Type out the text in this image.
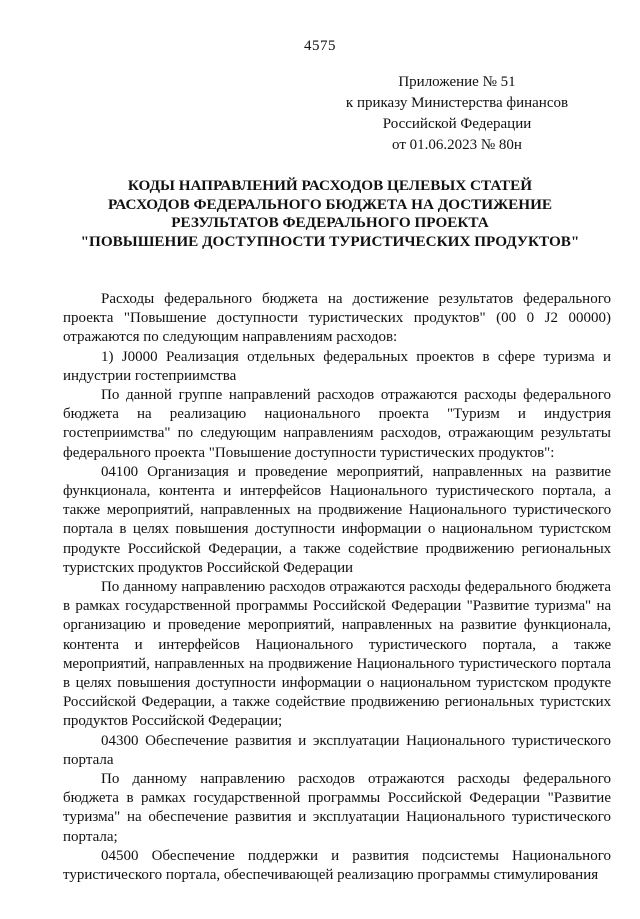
4575
Приложение № 51
к приказу Министерства финансов
Российской Федерации
от 01.06.2023 № 80н
КОДЫ НАПРАВЛЕНИЙ РАСХОДОВ ЦЕЛЕВЫХ СТАТЕЙ
РАСХОДОВ ФЕДЕРАЛЬНОГО БЮДЖЕТА НА ДОСТИЖЕНИЕ
РЕЗУЛЬТАТОВ ФЕДЕРАЛЬНОГО ПРОЕКТА
"ПОВЫШЕНИЕ ДОСТУПНОСТИ ТУРИСТИЧЕСКИХ ПРОДУКТОВ"

Расходы федерального бюджета на достижение результатов федерального проекта "Повышение доступности туристических продуктов" (00 0 J2 00000) отражаются по следующим направлениям расходов:

1) J0000 Реализация отдельных федеральных проектов в сфере туризма и индустрии гостеприимства

По данной группе направлений расходов отражаются расходы федерального бюджета на реализацию национального проекта "Туризм и индустрия гостеприимства" по следующим направлениям расходов, отражающим результаты федерального проекта "Повышение доступности туристических продуктов":

04100 Организация и проведение мероприятий, направленных на развитие функционала, контента и интерфейсов Национального туристического портала, а также мероприятий, направленных на продвижение Национального туристического портала в целях повышения доступности информации о национальном туристском продукте Российской Федерации, а также содействие продвижению региональных туристских продуктов Российской Федерации

По данному направлению расходов отражаются расходы федерального бюджета в рамках государственной программы Российской Федерации "Развитие туризма" на организацию и проведение мероприятий, направленных на развитие функционала, контента и интерфейсов Национального туристического портала, а также мероприятий, направленных на продвижение Национального туристического портала в целях повышения доступности информации о национальном туристском продукте Российской Федерации, а также содействие продвижению региональных туристских продуктов Российской Федерации;

04300 Обеспечение развития и эксплуатации Национального туристического портала

По данному направлению расходов отражаются расходы федерального бюджета в рамках государственной программы Российской Федерации "Развитие туризма" на обеспечение развития и эксплуатации Национального туристического портала;

04500 Обеспечение поддержки и развития подсистемы Национального туристического портала, обеспечивающей реализацию программы стимулирования
